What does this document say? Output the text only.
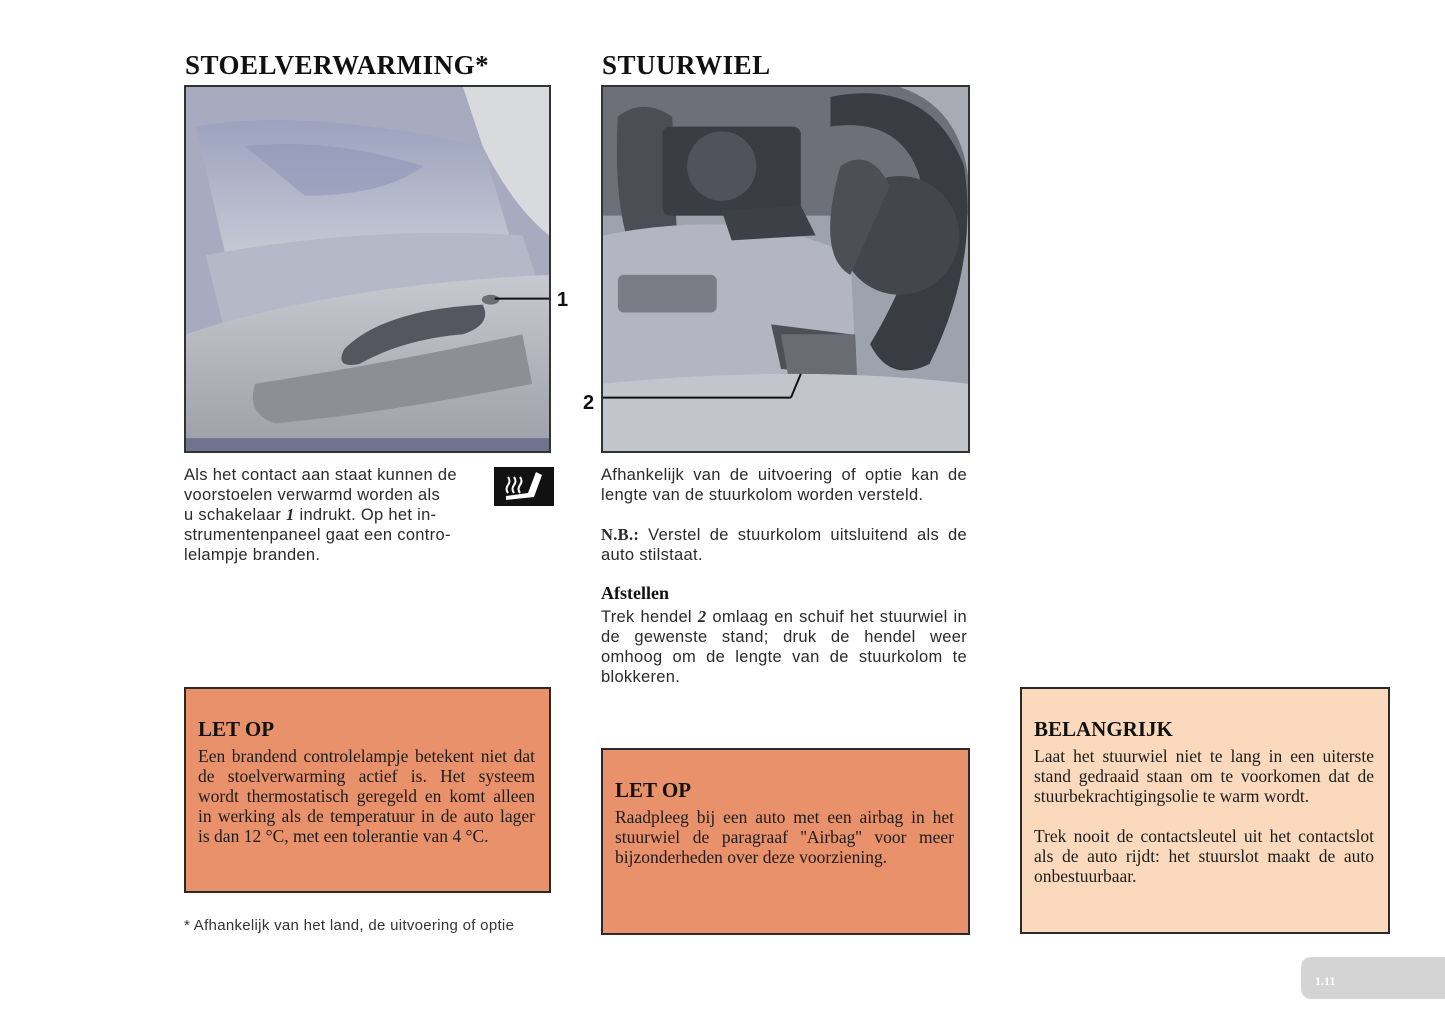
STOELVERWARMING*
1

Als het contact aan staat kunnen de
voorstoelen verwarmd worden als
u schakelaar 1 indrukt. Op het in-
strumentenpaneel gaat een contro-
lelampje branden.

LET OP

Een brandend controlelampje betekent niet dat de stoelverwarming actief is. Het systeem wordt thermostatisch geregeld en komt alleen in werking als de temperatuur in de auto lager is dan 12 °C, met een tolerantie van 4 °C.

* Afhankelijk van het land, de uitvoering of optie
STUURWIEL
2

Afhankelijk van de uitvoering of optie kan de lengte van de stuurkolom worden versteld.

N.B.: Verstel de stuurkolom uitsluitend als de auto stilstaat.

Afstellen

Trek hendel 2 omlaag en schuif het stuurwiel in de gewenste stand; druk de hendel weer omhoog om de lengte van de stuurkolom te blokkeren.

LET OP

Raadpleeg bij een auto met een airbag in het stuurwiel de paragraaf ''Airbag'' voor meer bijzonderheden over deze voorziening.

BELANGRIJK

Laat het stuurwiel niet te lang in een uiterste stand gedraaid staan om te voorkomen dat de stuurbekrachtigingsolie te warm wordt.

Trek nooit de contactsleutel uit het contactslot als de auto rijdt: het stuurslot maakt de auto onbestuurbaar.

1.11
